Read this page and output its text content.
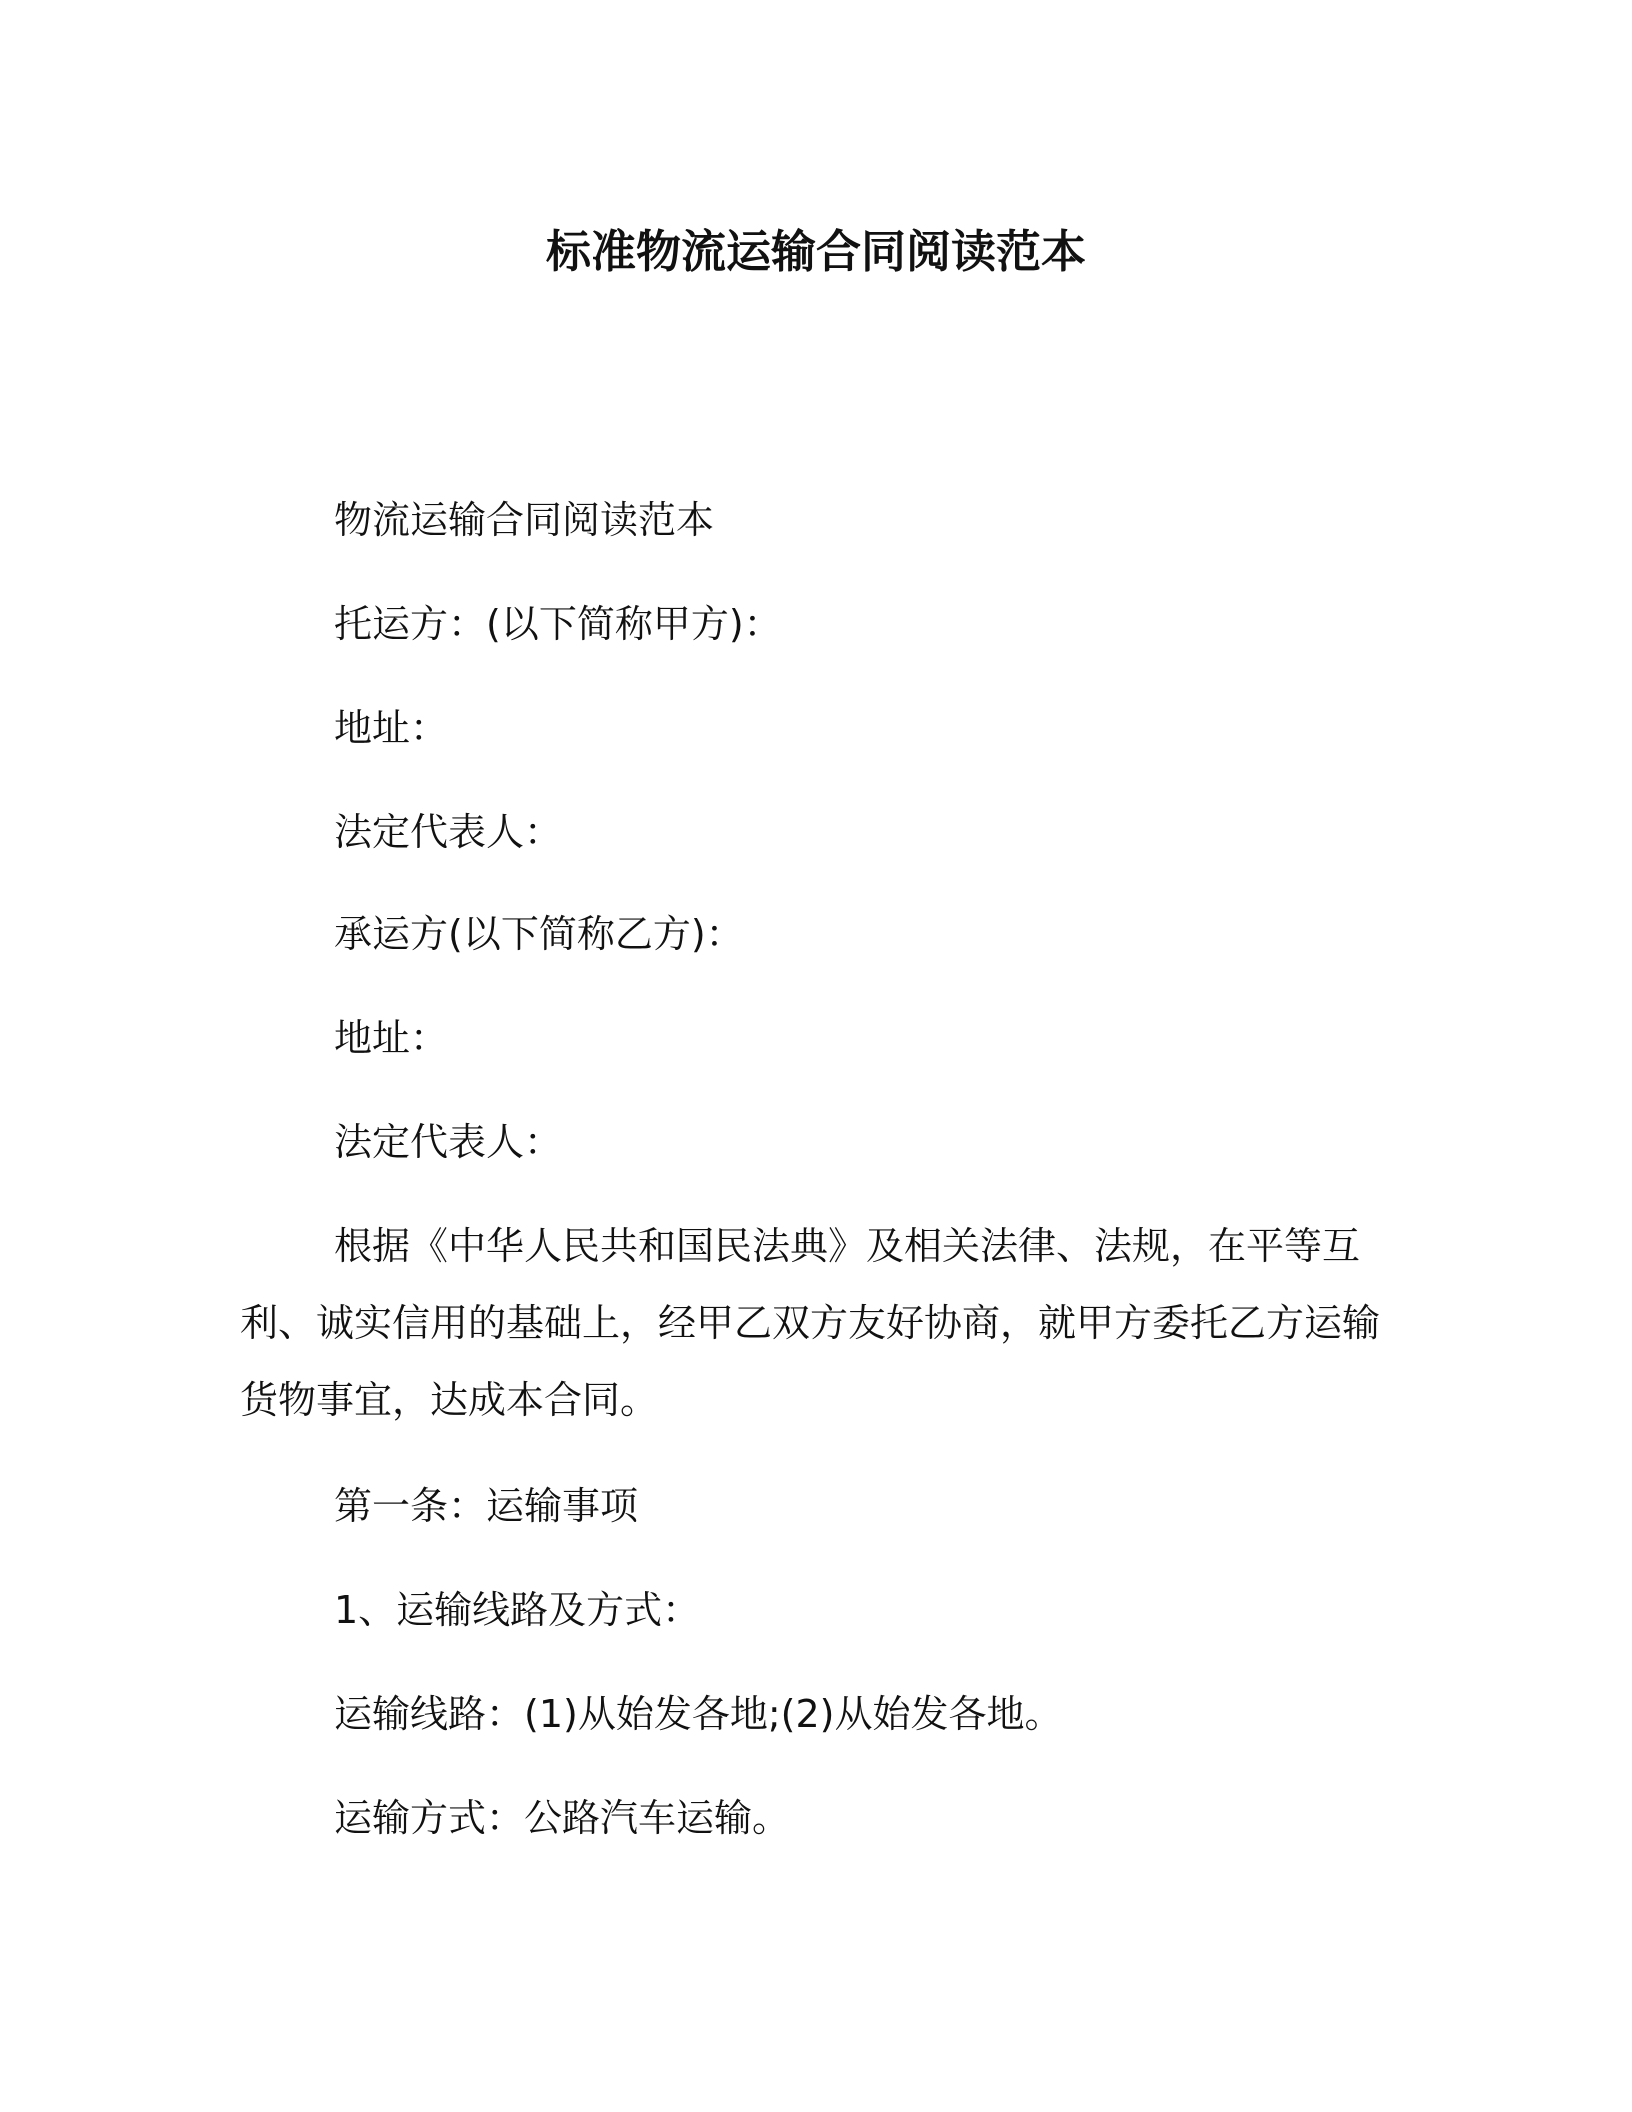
标准物流运输合同阅读范本
物流运输合同阅读范本
托运方：(以下简称甲方)：
地址：
法定代表人：
承运方(以下简称乙方)：
地址：
法定代表人：
根据《中华人民共和国民法典》及相关法律、法规，在平等互利、诚实信用的基础上，经甲乙双方友好协商，就甲方委托乙方运输货物事宜，达成本合同。
第一条：运输事项
1、运输线路及方式：
运输线路：(1)从始发各地;(2)从始发各地。
运输方式：公路汽车运输。
